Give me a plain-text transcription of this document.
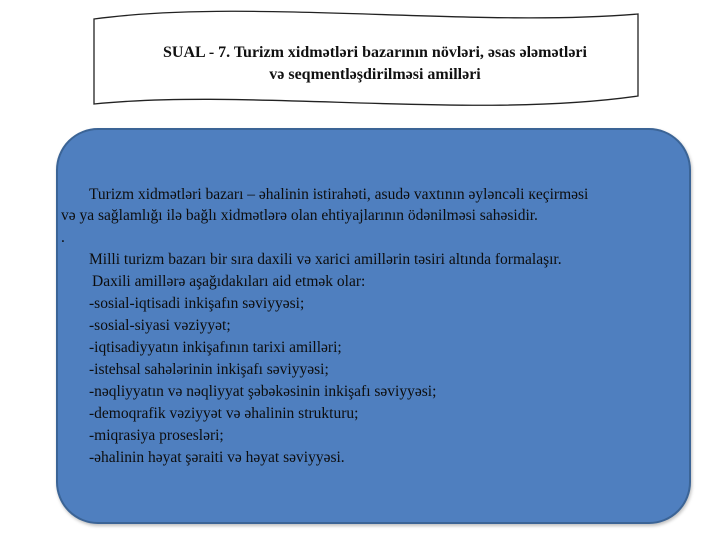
SUAL - 7. Turizm xidmətləri bazarının növləri, əsas ələmətləri
və seqmentləşdirilməsi amilləri
Turizm xidmətləri bazarı – əhalinin istirahəti, asudə vaxtının əyləncəli кeçirməsi
və ya sağlamlığı ilə bağlı xidmətlərə olan ehtiyajlarının ödənilməsi sahəsidir.
.
Milli turizm bazarı bir sıra daxili və xarici amillərin təsiri altında formalaşır.
Daxili amillərə aşağıdakıları aid etmək olar:
-sosial-iqtisadi inkişafın səviyyəsi;
-sosial-siyasi vəziyyət;
-iqtisadiyyatın inkişafının tarixi amilləri;
-istehsal sahələrinin inkişafı səviyyəsi;
-nəqliyyatın və nəqliyyat şəbəkəsinin inkişafı səviyyəsi;
-demoqrafik vəziyyət və əhalinin strukturu;
-miqrasiya prosesləri;
-əhalinin həyat şəraiti və həyat səviyyəsi.
